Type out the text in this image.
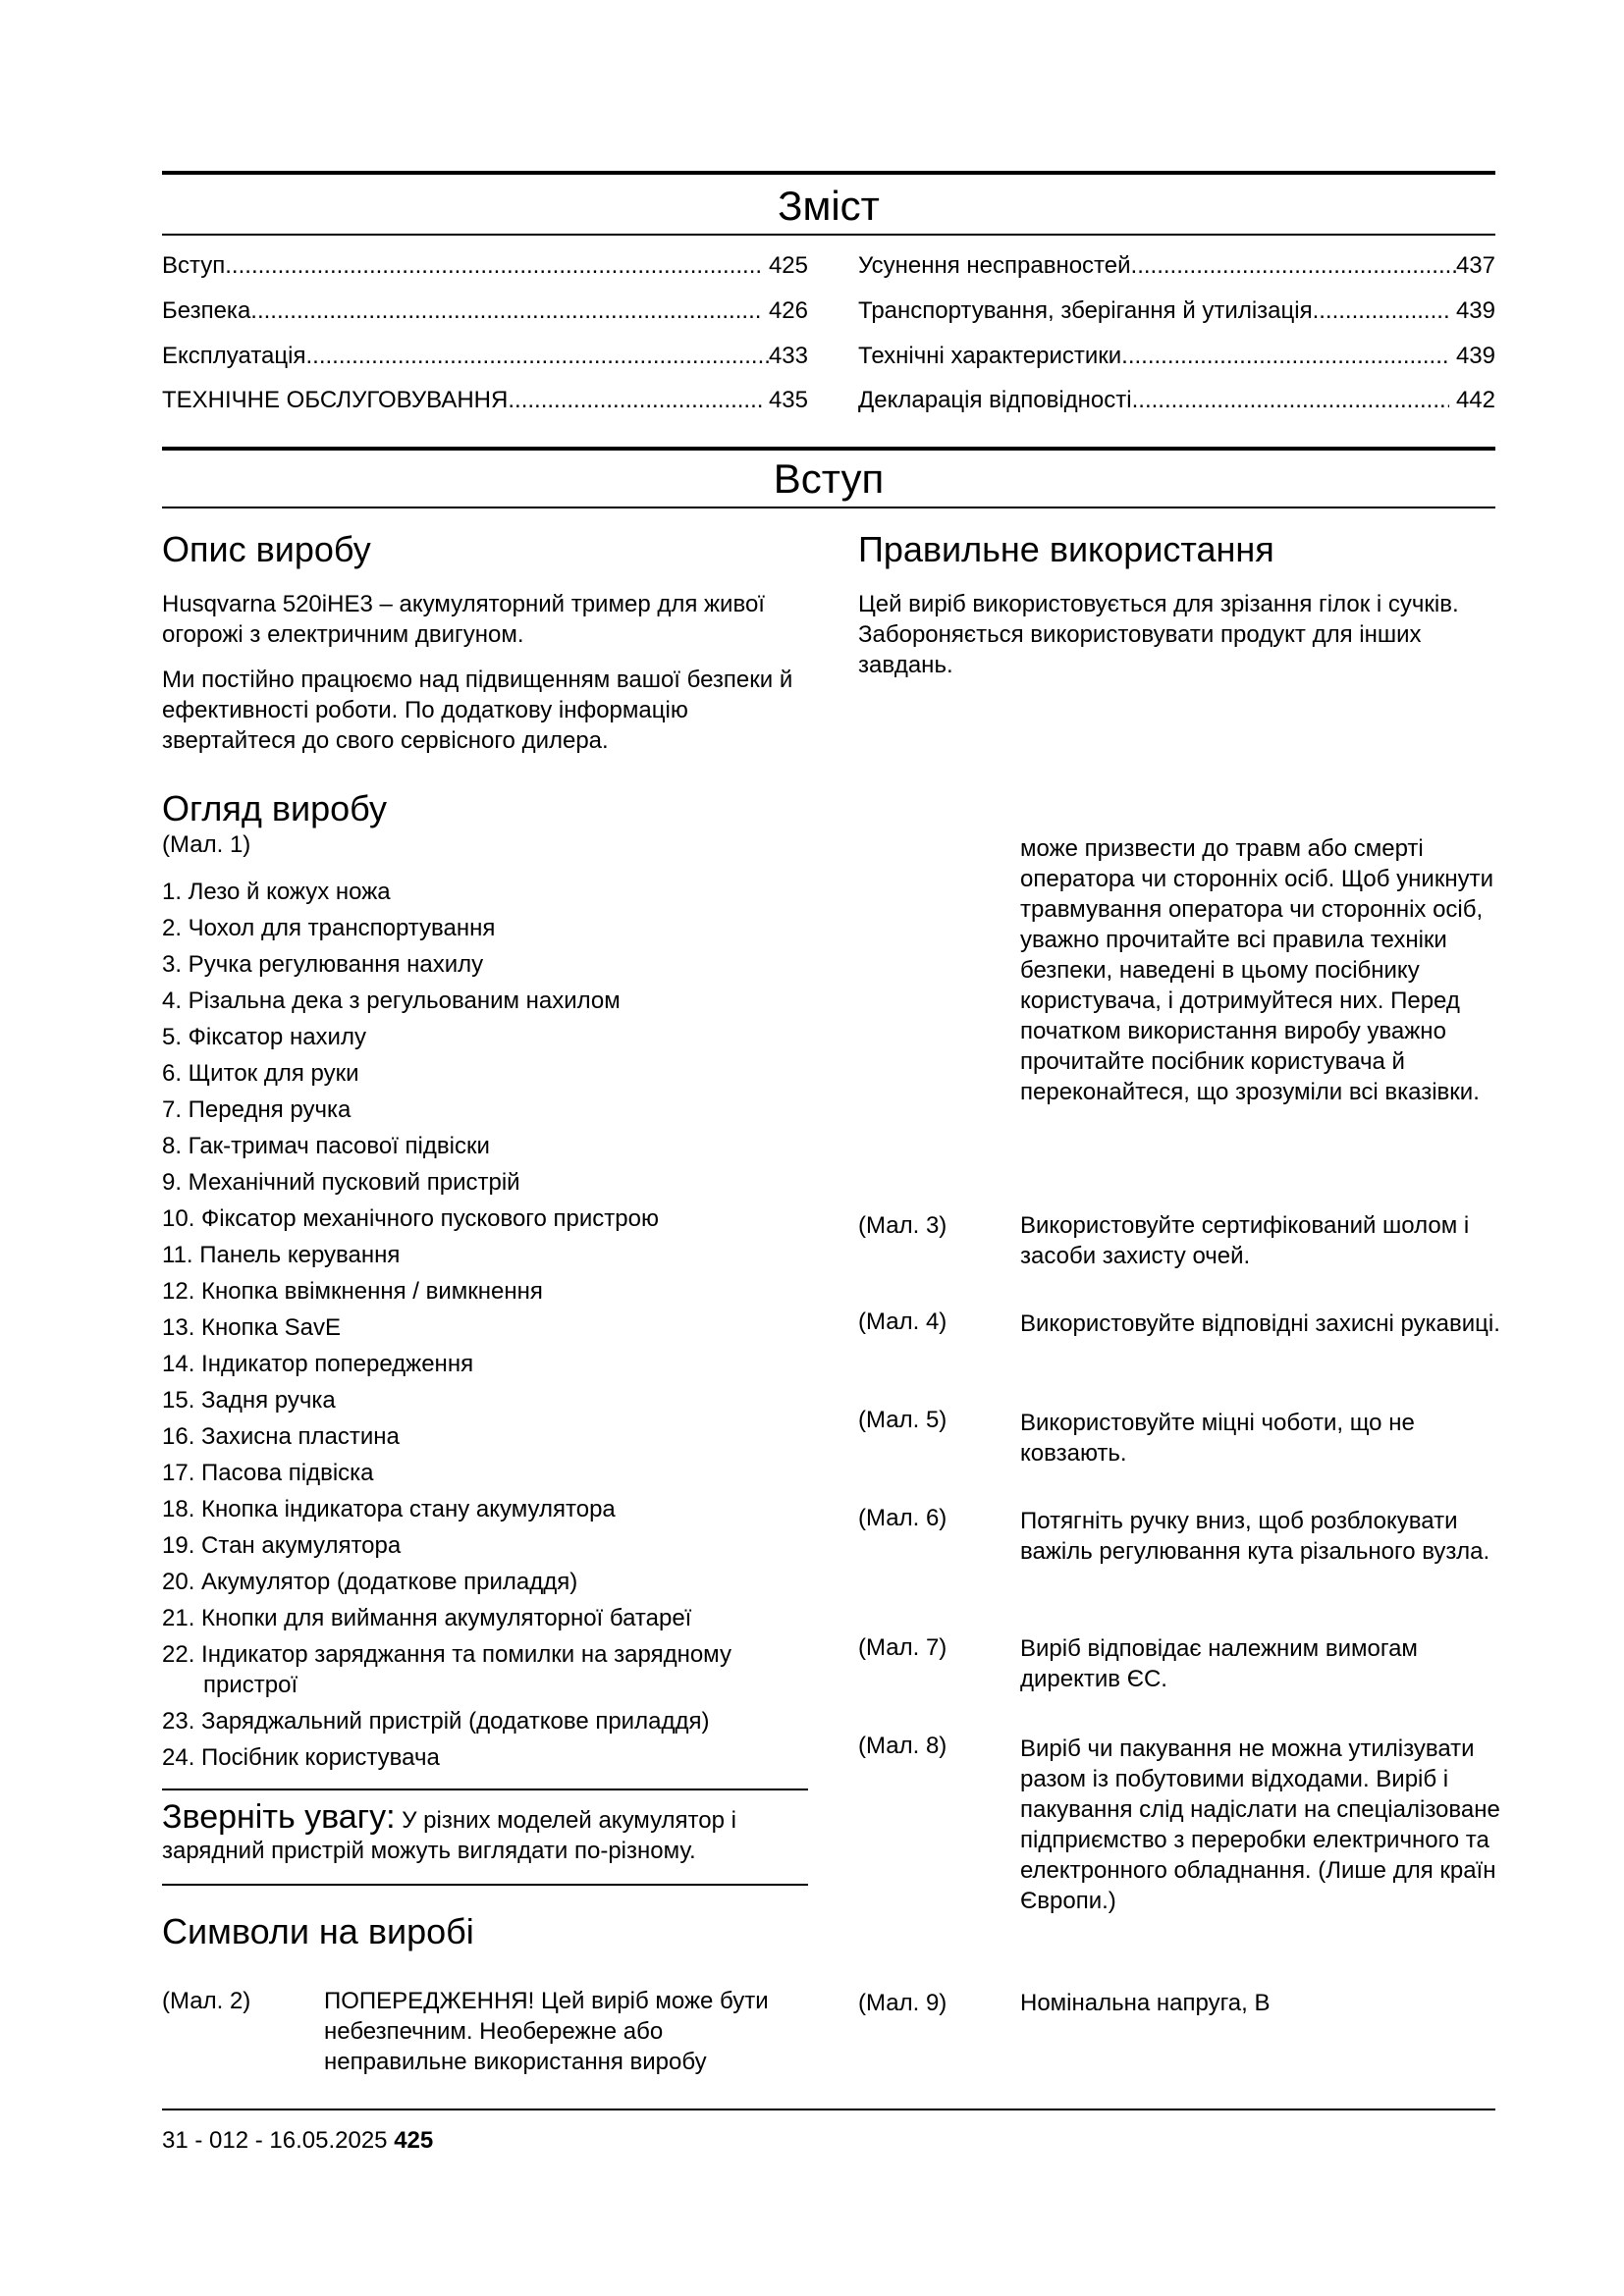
Зміст
Вступ .....	425
Безпека .....	426
Експлуатація .....	433
ТЕХНІЧНЕ ОБСЛУГОВУВАННЯ .....	435
Усунення несправностей .....	437
Транспортування, зберігання й утилізація .....	439
Технічні характеристики .....	439
Декларація відповідності .....	442
Вступ
Опис виробу

Husqvarna 520iHE3 – акумуляторний тример для живої огорожі з електричним двигуном.

Ми постійно працюємо над підвищенням вашої безпеки й ефективності роботи. По додаткову інформацію звертайтеся до свого сервісного дилера.

Правильне використання

Цей виріб використовується для зрізання гілок і сучків. Забороняється використовувати продукт для інших завдань.

Огляд виробу
(Мал. 1)
1. Лезо й кожух ножа
2. Чохол для транспортування
3. Ручка регулювання нахилу
4. Різальна дека з регульованим нахилом
5. Фіксатор нахилу
6. Щиток для руки
7. Передня ручка
8. Гак-тримач пасової підвіски
9. Механічний пусковий пристрій
10. Фіксатор механічного пускового пристрою
11. Панель керування
12. Кнопка ввімкнення / вимкнення
13. Кнопка SavE
14. Індикатор попередження
15. Задня ручка
16. Захисна пластина
17. Пасова підвіска
18. Кнопка індикатора стану акумулятора
19. Стан акумулятора
20. Акумулятор (додаткове приладдя)
21. Кнопки для виймання акумуляторної батареї
22. Індикатор заряджання та помилки на зарядному пристрої
23. Заряджальний пристрій (додаткове приладдя)
24. Посібник користувача
Зверніть увагу: У різних моделей акумулятор і зарядний пристрій можуть виглядати по-різному.
Символи на виробі
(Мал. 2)	ПОПЕРЕДЖЕННЯ! Цей виріб може бути небезпечним. Необережне або неправильне використання виробу
може призвести до травм або смерті оператора чи сторонніх осіб. Щоб уникнути травмування оператора чи сторонніх осіб, уважно прочитайте всі правила техніки безпеки, наведені в цьому посібнику користувача, і дотримуйтеся них. Перед початком використання виробу уважно прочитайте посібник користувача й переконайтеся, що зрозуміли всі вказівки.
(Мал. 3)	Використовуйте сертифікований шолом і засоби захисту очей.
(Мал. 4)	Використовуйте відповідні захисні рукавиці.
(Мал. 5)	Використовуйте міцні чоботи, що не ковзають.
(Мал. 6)	Потягніть ручку вниз, щоб розблокувати важіль регулювання кута різального вузла.
(Мал. 7)	Виріб відповідає належним вимогам директив ЄС.
(Мал. 8)	Виріб чи пакування не можна утилізувати разом із побутовими відходами. Виріб і пакування слід надіслати на спеціалізоване підприємство з переробки електричного та електронного обладнання. (Лише для країн Європи.)
(Мал. 9)	Номінальна напруга, В
31 - 012 - 16.05.2025 425
